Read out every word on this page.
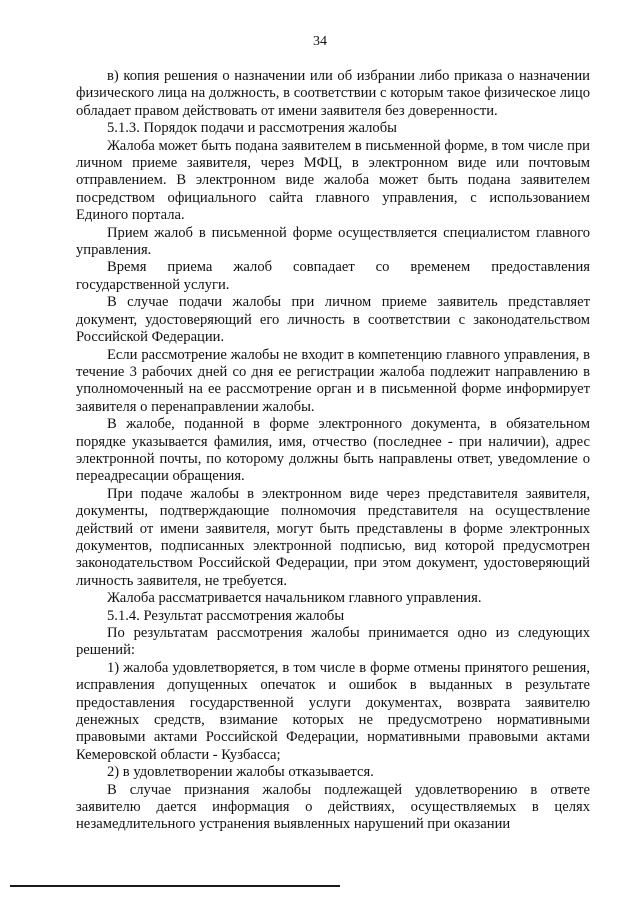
34

в) копия решения о назначении или об избрании либо приказа о назначении физического лица на должность, в соответствии с которым такое физическое лицо обладает правом действовать от имени заявителя без доверенности.

5.1.3. Порядок подачи и рассмотрения жалобы

Жалоба может быть подана заявителем в письменной форме, в том числе при личном приеме заявителя, через МФЦ, в электронном виде или почтовым отправлением. В электронном виде жалоба может быть подана заявителем посредством официального сайта главного управления, с использованием Единого портала.

Прием жалоб в письменной форме осуществляется специалистом главного управления.

Время приема жалоб совпадает со временем предоставления государственной услуги.

В случае подачи жалобы при личном приеме заявитель представляет документ, удостоверяющий его личность в соответствии с законодательством Российской Федерации.

Если рассмотрение жалобы не входит в компетенцию главного управления, в течение 3 рабочих дней со дня ее регистрации жалоба подлежит направлению в уполномоченный на ее рассмотрение орган и в письменной форме информирует заявителя о перенаправлении жалобы.

В жалобе, поданной в форме электронного документа, в обязательном порядке указывается фамилия, имя, отчество (последнее - при наличии), адрес электронной почты, по которому должны быть направлены ответ, уведомление о переадресации обращения.

При подаче жалобы в электронном виде через представителя заявителя, документы, подтверждающие полномочия представителя на осуществление действий от имени заявителя, могут быть представлены в форме электронных документов, подписанных электронной подписью, вид которой предусмотрен законодательством Российской Федерации, при этом документ, удостоверяющий личность заявителя, не требуется.

Жалоба рассматривается начальником главного управления.

5.1.4. Результат рассмотрения жалобы

По результатам рассмотрения жалобы принимается одно из следующих решений:

1) жалоба удовлетворяется, в том числе в форме отмены принятого решения, исправления допущенных опечаток и ошибок в выданных в результате предоставления государственной услуги документах, возврата заявителю денежных средств, взимание которых не предусмотрено нормативными правовыми актами Российской Федерации, нормативными правовыми актами Кемеровской области - Кузбасса;

2) в удовлетворении жалобы отказывается.

В случае признания жалобы подлежащей удовлетворению в ответе заявителю дается информация о действиях, осуществляемых в целях незамедлительного устранения выявленных нарушений при оказании
